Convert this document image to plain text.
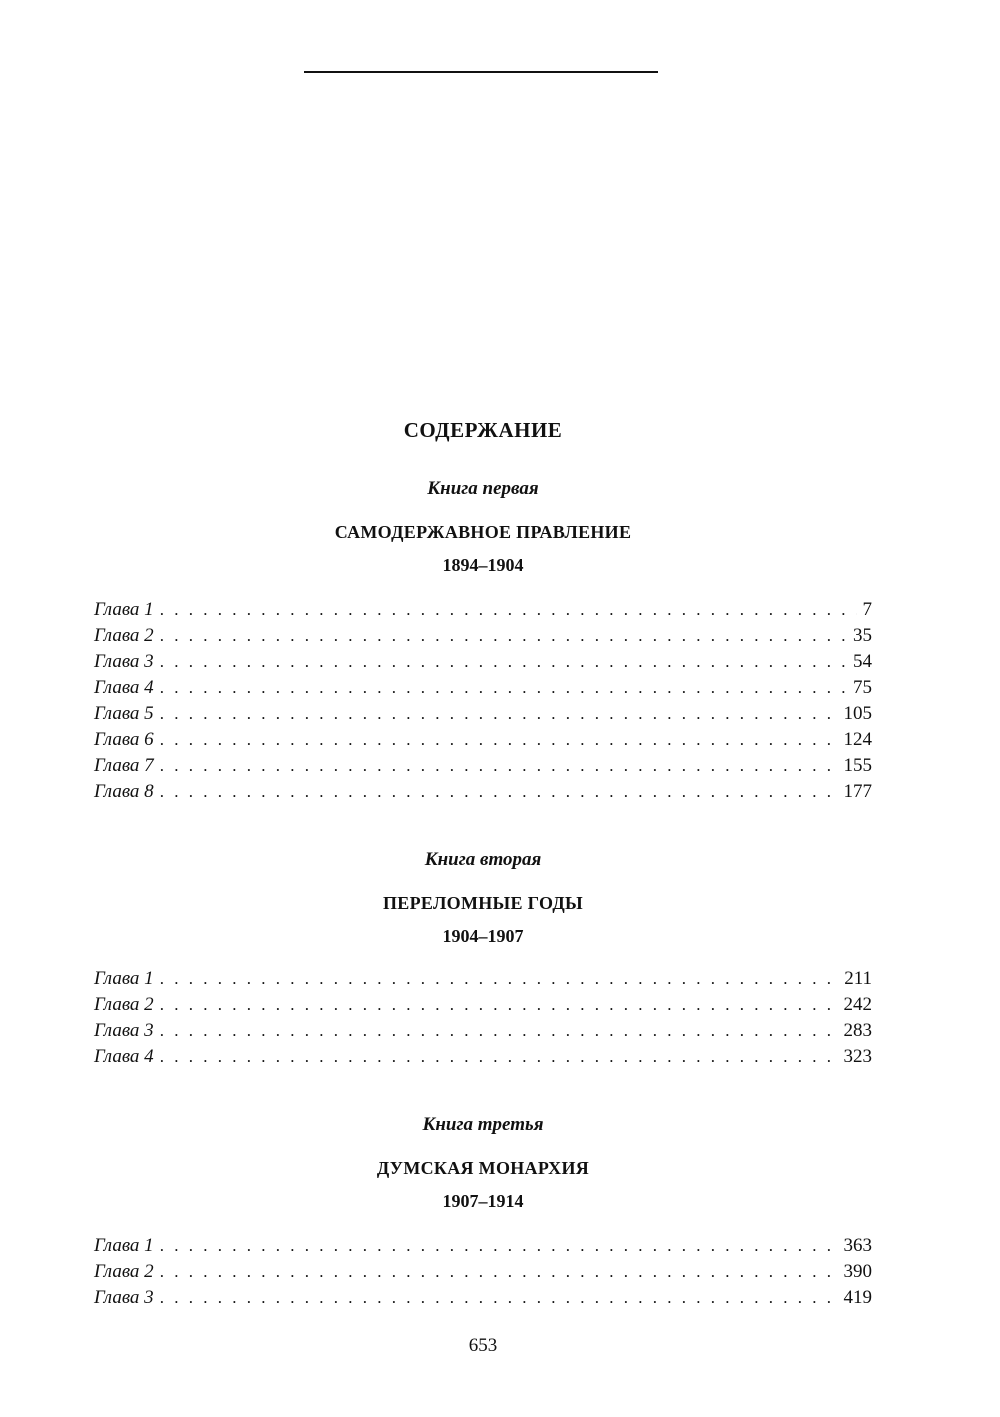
СОДЕРЖАНИЕ
Книга первая
САМОДЕРЖАВНОЕ ПРАВЛЕНИЕ
1894–1904
Глава 1 . . .	7
Глава 2 . . .	35
Глава 3 . . .	54
Глава 4 . . .	75
Глава 5 . . .	105
Глава 6 . . .	124
Глава 7 . . .	155
Глава 8 . . .	177
Книга вторая
ПЕРЕЛОМНЫЕ ГОДЫ
1904–1907
Глава 1 . . .	211
Глава 2 . . .	242
Глава 3 . . .	283
Глава 4 . . .	323
Книга третья
ДУМСКАЯ МОНАРХИЯ
1907–1914
Глава 1 . . .	363
Глава 2 . . .	390
Глава 3 . . .	419
653
